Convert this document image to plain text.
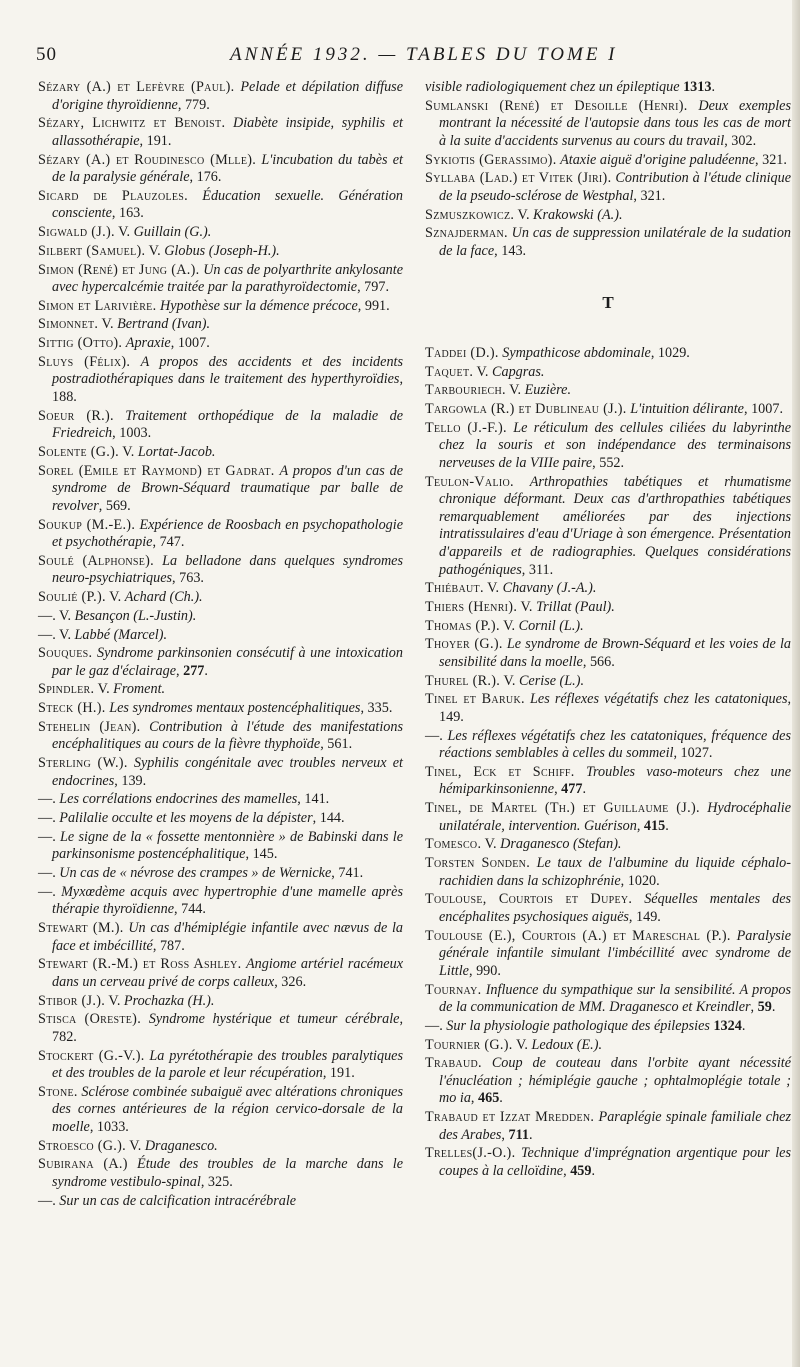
50	ANNÉE 1932. — TABLES DU TOME I

Sézary (A.) et Lefèvre (Paul). Pelade et dépilation diffuse d'origine thyroïdienne, 779.

Sézary, Lichwitz et Benoist. Diabète insipide, syphilis et allassothérapie, 191.

Sézary (A.) et Roudinesco (Mlle). L'incubation du tabès et de la paralysie générale, 176.

Sicard de Plauzoles. Éducation sexuelle. Génération consciente, 163.

Sigwald (J.). V. Guillain (G.).

Silbert (Samuel). V. Globus (Joseph-H.).

Simon (René) et Jung (A.). Un cas de polyarthrite ankylosante avec hypercalcémie traitée par la parathyroïdectomie, 797.

Simon et Larivière. Hypothèse sur la démence précoce, 991.

Simonnet. V. Bertrand (Ivan).

Sittig (Otto). Apraxie, 1007.

Sluys (Félix). A propos des accidents et des incidents postradiothérapiques dans le traitement des hyperthyroïdies, 188.

Soeur (R.). Traitement orthopédique de la maladie de Friedreich, 1003.

Solente (G.). V. Lortat-Jacob.

Sorel (Emile et Raymond) et Gadrat. A propos d'un cas de syndrome de Brown-Séquard traumatique par balle de revolver, 569.

Soukup (M.-E.). Expérience de Roosbach en psychopathologie et psychothérapie, 747.

Soulé (Alphonse). La belladone dans quelques syndromes neuro-psychiatriques, 763.

Soulié (P.). V. Achard (Ch.).

—. V. Besançon (L.-Justin).

—. V. Labbé (Marcel).

Souques. Syndrome parkinsonien consécutif à une intoxication par le gaz d'éclairage, 277.

Spindler. V. Froment.

Steck (H.). Les syndromes mentaux postencéphalitiques, 335.

Stehelin (Jean). Contribution à l'étude des manifestations encéphalitiques au cours de la fièvre thyphoïde, 561.

Sterling (W.). Syphilis congénitale avec troubles nerveux et endocrines, 139.

—. Les corrélations endocrines des mamelles, 141.

—. Palilalie occulte et les moyens de la dépister, 144.

—. Le signe de la « fossette mentonnière » de Babinski dans le parkinsonisme postencéphalitique, 145.

—. Un cas de « névrose des crampes » de Wernicke, 741.

—. Myxœdème acquis avec hypertrophie d'une mamelle après thérapie thyroïdienne, 744.

Stewart (M.). Un cas d'hémiplégie infantile avec nævus de la face et imbécillité, 787.

Stewart (R.-M.) et Ross Ashley. Angiome artériel racémeux dans un cerveau privé de corps calleux, 326.

Stibor (J.). V. Prochazka (H.).

Stisca (Oreste). Syndrome hystérique et tumeur cérébrale, 782.

Stockert (G.-V.). La pyrétothérapie des troubles paralytiques et des troubles de la parole et leur récupération, 191.

Stone. Sclérose combinée subaiguë avec altérations chroniques des cornes antérieures de la région cervico-dorsale de la moelle, 1033.

Stroesco (G.). V. Draganesco.

Subirana (A.) Étude des troubles de la marche dans le syndrome vestibulo-spinal, 325.

—. Sur un cas de calcification intracérébrale

visible radiologiquement chez un épileptique 1313.

Sumlanski (René) et Desoille (Henri). Deux exemples montrant la nécessité de l'autopsie dans tous les cas de mort à la suite d'accidents survenus au cours du travail, 302.

Sykiotis (Gerassimo). Ataxie aiguë d'origine paludéenne, 321.

Syllaba (Lad.) et Vitek (Jiri). Contribution à l'étude clinique de la pseudo-sclérose de Westphal, 321.

Szmuszkowicz. V. Krakowski (A.).

Sznajderman. Un cas de suppression unilatérale de la sudation de la face, 143.

T

Taddei (D.). Sympathicose abdominale, 1029.

Taquet. V. Capgras.

Tarbouriech. V. Euzière.

Targowla (R.) et Dublineau (J.). L'intuition délirante, 1007.

Tello (J.-F.). Le réticulum des cellules ciliées du labyrinthe chez la souris et son indépendance des terminaisons nerveuses de la VIIIe paire, 552.

Teulon-Valio. Arthropathies tabétiques et rhumatisme chronique déformant. Deux cas d'arthropathies tabétiques remarquablement améliorées par des injections intratissulaires d'eau d'Uriage à son émergence. Présentation d'appareils et de radiographies. Quelques considérations pathogéniques, 311.

Thiébaut. V. Chavany (J.-A.).

Thiers (Henri). V. Trillat (Paul).

Thomas (P.). V. Cornil (L.).

Thoyer (G.). Le syndrome de Brown-Séquard et les voies de la sensibilité dans la moelle, 566.

Thurel (R.). V. Cerise (L.).

Tinel et Baruk. Les réflexes végétatifs chez les catatoniques, 149.

—. Les réflexes végétatifs chez les catatoniques, fréquence des réactions semblables à celles du sommeil, 1027.

Tinel, Eck et Schiff. Troubles vaso-moteurs chez une hémiparkinsonienne, 477.

Tinel, de Martel (Th.) et Guillaume (J.). Hydrocéphalie unilatérale, intervention. Guérison, 415.

Tomesco. V. Draganesco (Stefan).

Torsten Sonden. Le taux de l'albumine du liquide céphalo-rachidien dans la schizophrénie, 1020.

Toulouse, Courtois et Dupey. Séquelles mentales des encéphalites psychosiques aiguës, 149.

Toulouse (E.), Courtois (A.) et Mareschal (P.). Paralysie générale infantile simulant l'imbécillité avec syndrome de Little, 990.

Tournay. Influence du sympathique sur la sensibilité. A propos de la communication de MM. Draganesco et Kreindler, 59.

—. Sur la physiologie pathologique des épilepsies 1324.

Tournier (G.). V. Ledoux (E.).

Trabaud. Coup de couteau dans l'orbite ayant nécessité l'énucléation ; hémiplégie gauche ; ophtalmoplégie totale ; mo ia, 465.

Trabaud et Izzat Mredden. Paraplégie spinale familiale chez des Arabes, 711.

Trelles(J.-O.). Technique d'imprégnation argentique pour les coupes à la celloïdine, 459.
